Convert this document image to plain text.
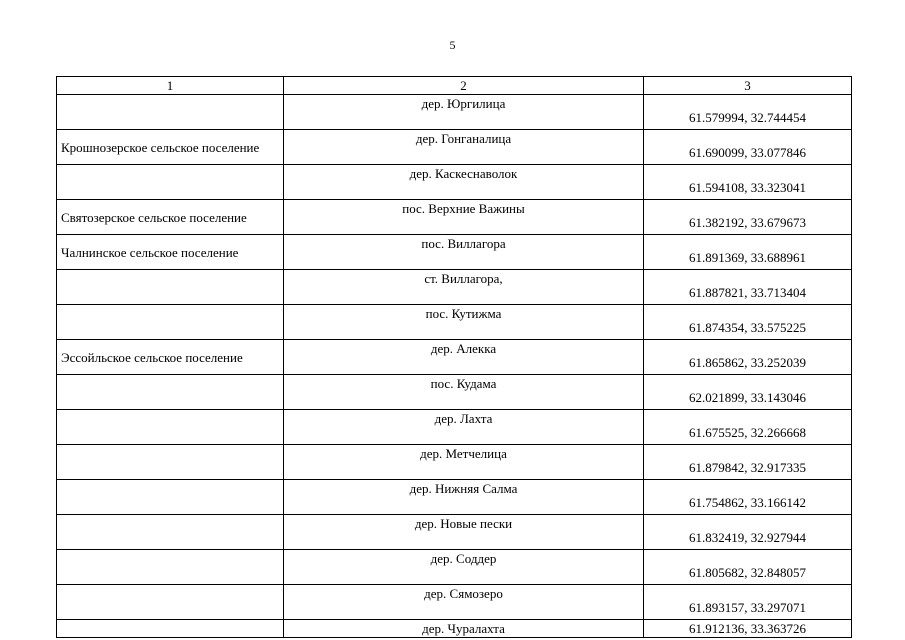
5
1	2	3
	дер. Юргилица	61.579994, 32.744454
Крошнозерское сельское поселение	дер. Гонганалица	61.690099, 33.077846
	дер. Каскеснаволок	61.594108, 33.323041
Святозерское сельское поселение	пос. Верхние Важины	61.382192, 33.679673
Чалнинское сельское поселение	пос. Виллагора	61.891369, 33.688961
	ст. Виллагора,	61.887821, 33.713404
	пос. Кутижма	61.874354, 33.575225
Эссойльское сельское поселение	дер. Алекка	61.865862, 33.252039
	пос. Кудама	62.021899, 33.143046
	дер. Лахта	61.675525, 32.266668
	дер. Метчелица	61.879842, 32.917335
	дер. Нижняя Салма	61.754862, 33.166142
	дер. Новые пески	61.832419, 32.927944
	дер. Соддер	61.805682, 32.848057
	дер. Сямозеро	61.893157, 33.297071
	дер. Чуралахта	61.912136, 33.363726
